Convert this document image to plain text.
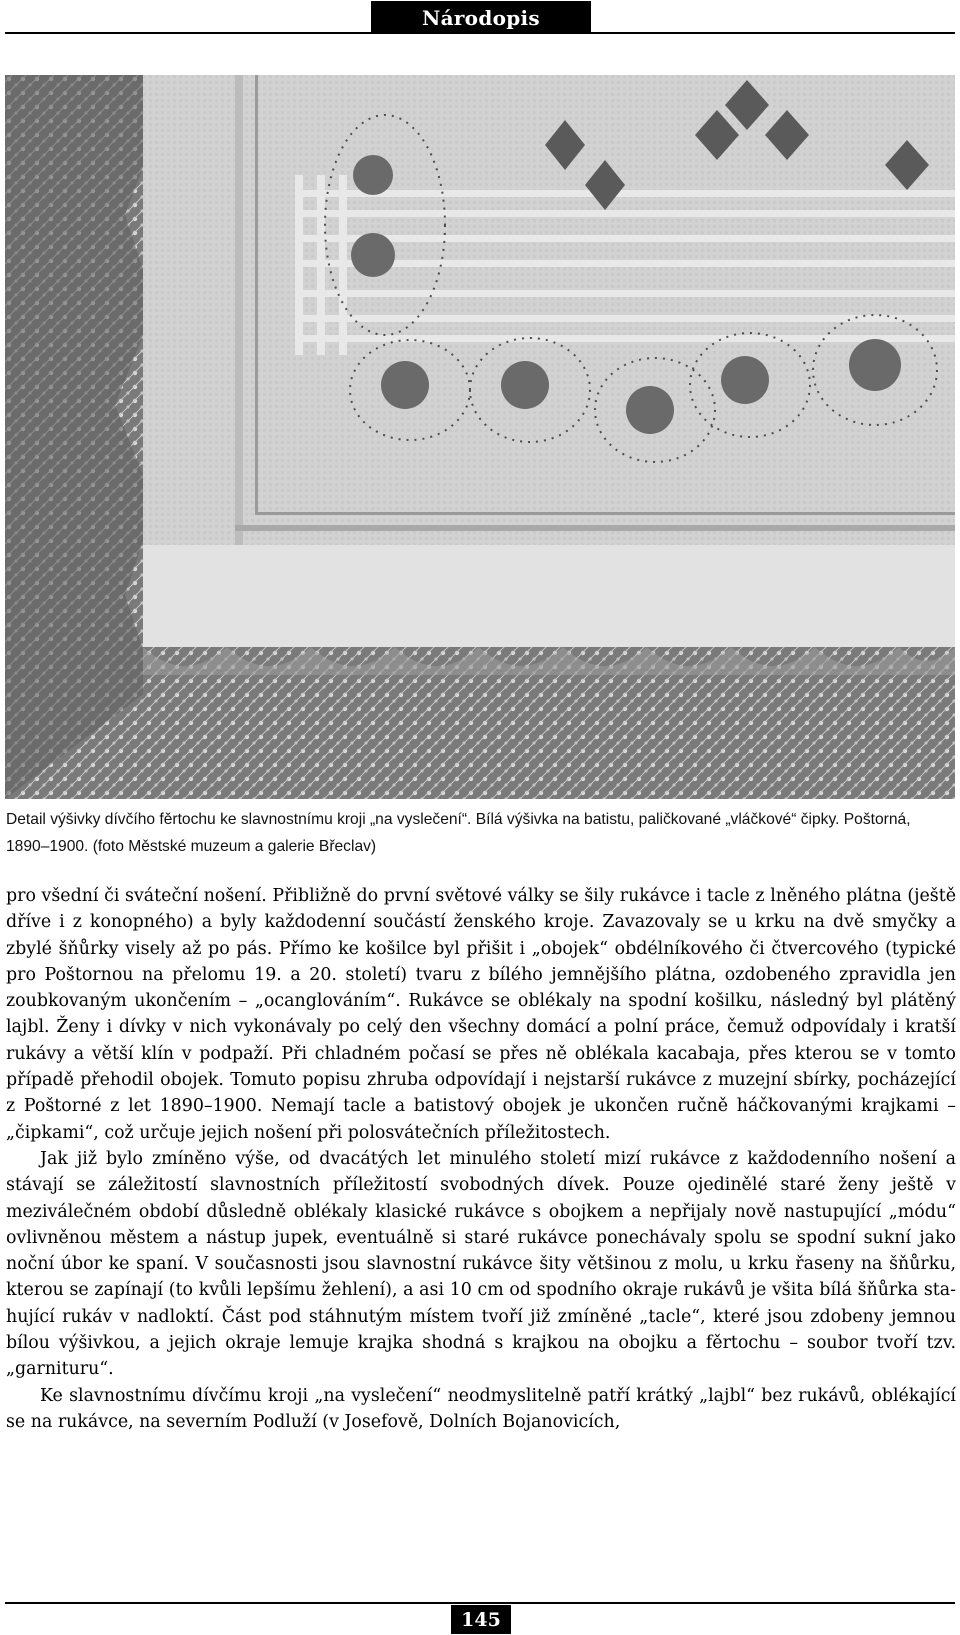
Národopis
Detail výšivky dívčího fěrtochu ke slavnostnímu kroji „na vyslečení“. Bílá výšivka na batistu, paličkované „vláčkové“ čipky. Poštorná, 1890–1900. (foto Městské muzeum a galerie Břeclav)

pro všední či sváteční nošení. Přibližně do první světové války se šily rukávce i tacle z lněného plátna (ještě dříve i z konopného) a byly každodenní součástí ženského kroje. Zavazovaly se u krku na dvě smyčky a zbylé šňůrky visely až po pás. Přímo ke košilce byl přišit i „obojek“ obdélníkového či čtvercového (typické pro Poštornou na přelomu 19. a 20. století) tvaru z bílého jemnějšího plátna, ozdobeného zpravidla jen zoubkovaným ukončením – „ocanglováním“. Rukávce se oblékaly na spodní košilku, následný byl plátěný lajbl. Ženy i dívky v nich vykonávaly po celý den všechny domácí a polní práce, čemuž odpovídaly i kratší rukávy a větší klín v podpaží. Při chladném počasí se přes ně oblékala kacabaja, přes kterou se v tomto případě přehodil obojek. Tomuto popisu zhruba odpovídají i nejstarší rukávce z muzejní sbírky, pocházející z Poštorné z let 1890–1900. Nemají tacle a batistový obojek je ukončen ručně háčkovanými krajkami – „čipkami“, což určuje jejich nošení při polosvátečních příležitostech.

Jak již bylo zmíněno výše, od dvacátých let minulého století mizí rukávce z každodenního nošení a stávají se záležitostí slavnostních příležitostí svobodných dívek. Pouze ojedinělé staré ženy ještě v meziválečném období důsledně oblékaly klasické rukávce s obojkem a nepřijaly nově nastupující „módu“ ovlivněnou městem a nástup jupek, eventuálně si staré rukávce ponechávaly spolu se spodní sukní jako noční úbor ke spaní. V současnosti jsou slavnostní rukávce šity většinou z molu, u krku řaseny na šňůrku, kterou se zapínají (to kvůli lepšímu žehlení), a asi 10 cm od spodního okraje rukávů je všita bílá šňůrka stahující rukáv v nadloktí. Část pod stáhnutým místem tvoří již zmíněné „tacle“, které jsou zdobeny jemnou bílou výšivkou, a jejich okraje lemuje krajka shodná s krajkou na obojku a fěrtochu – soubor tvoří tzv. „garnituru“.

Ke slavnostnímu dívčímu kroji „na vyslečení“ neodmyslitelně patří krátký „lajbl“ bez rukávů, oblékající se na rukávce, na severním Podluží (v Josefově, Dolních Bojanovicích,

145
